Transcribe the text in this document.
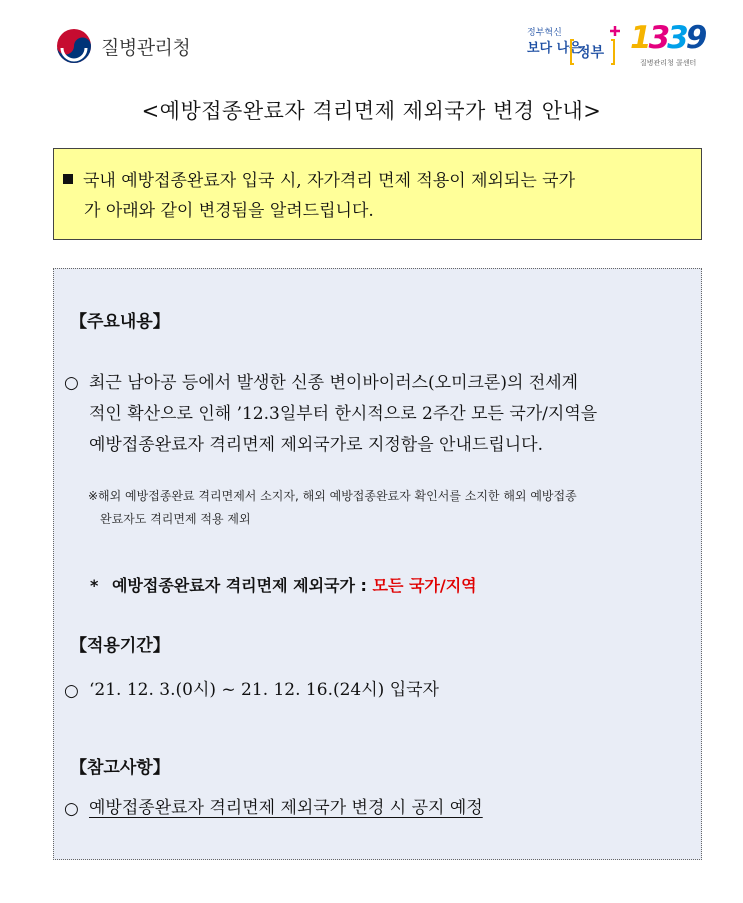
질병관리청
정부혁신
보다 나은
정부 1339
질병관리청 콜센터
<예방접종완료자 격리면제 제외국가 변경 안내>
국내 예방접종완료자 입국 시, 자가격리 면제 적용이 제외되는 국가
가 아래와 같이 변경됨을 알려드립니다.
【주요내용】
○ 최근 남아공 등에서 발생한 신종 변이바이러스(오미크론)의 전세계
적인 확산으로 인해 ’12.3일부터 한시적으로 2주간 모든 국가/지역을
예방접종완료자 격리면제 제외국가로 지정함을 안내드립니다.
※해외 예방접종완료 격리면제서 소지자, 해외 예방접종완료자 확인서를 소지한 해외 예방접종
완료자도 격리면제 적용 제외
* 예방접종완료자 격리면제 제외국가 : 모든 국가/지역
【적용기간】
○ ‘21. 12. 3.(0시) ~ 21. 12. 16.(24시) 입국자
【참고사항】
○ 예방접종완료자 격리면제 제외국가 변경 시 공지 예정
